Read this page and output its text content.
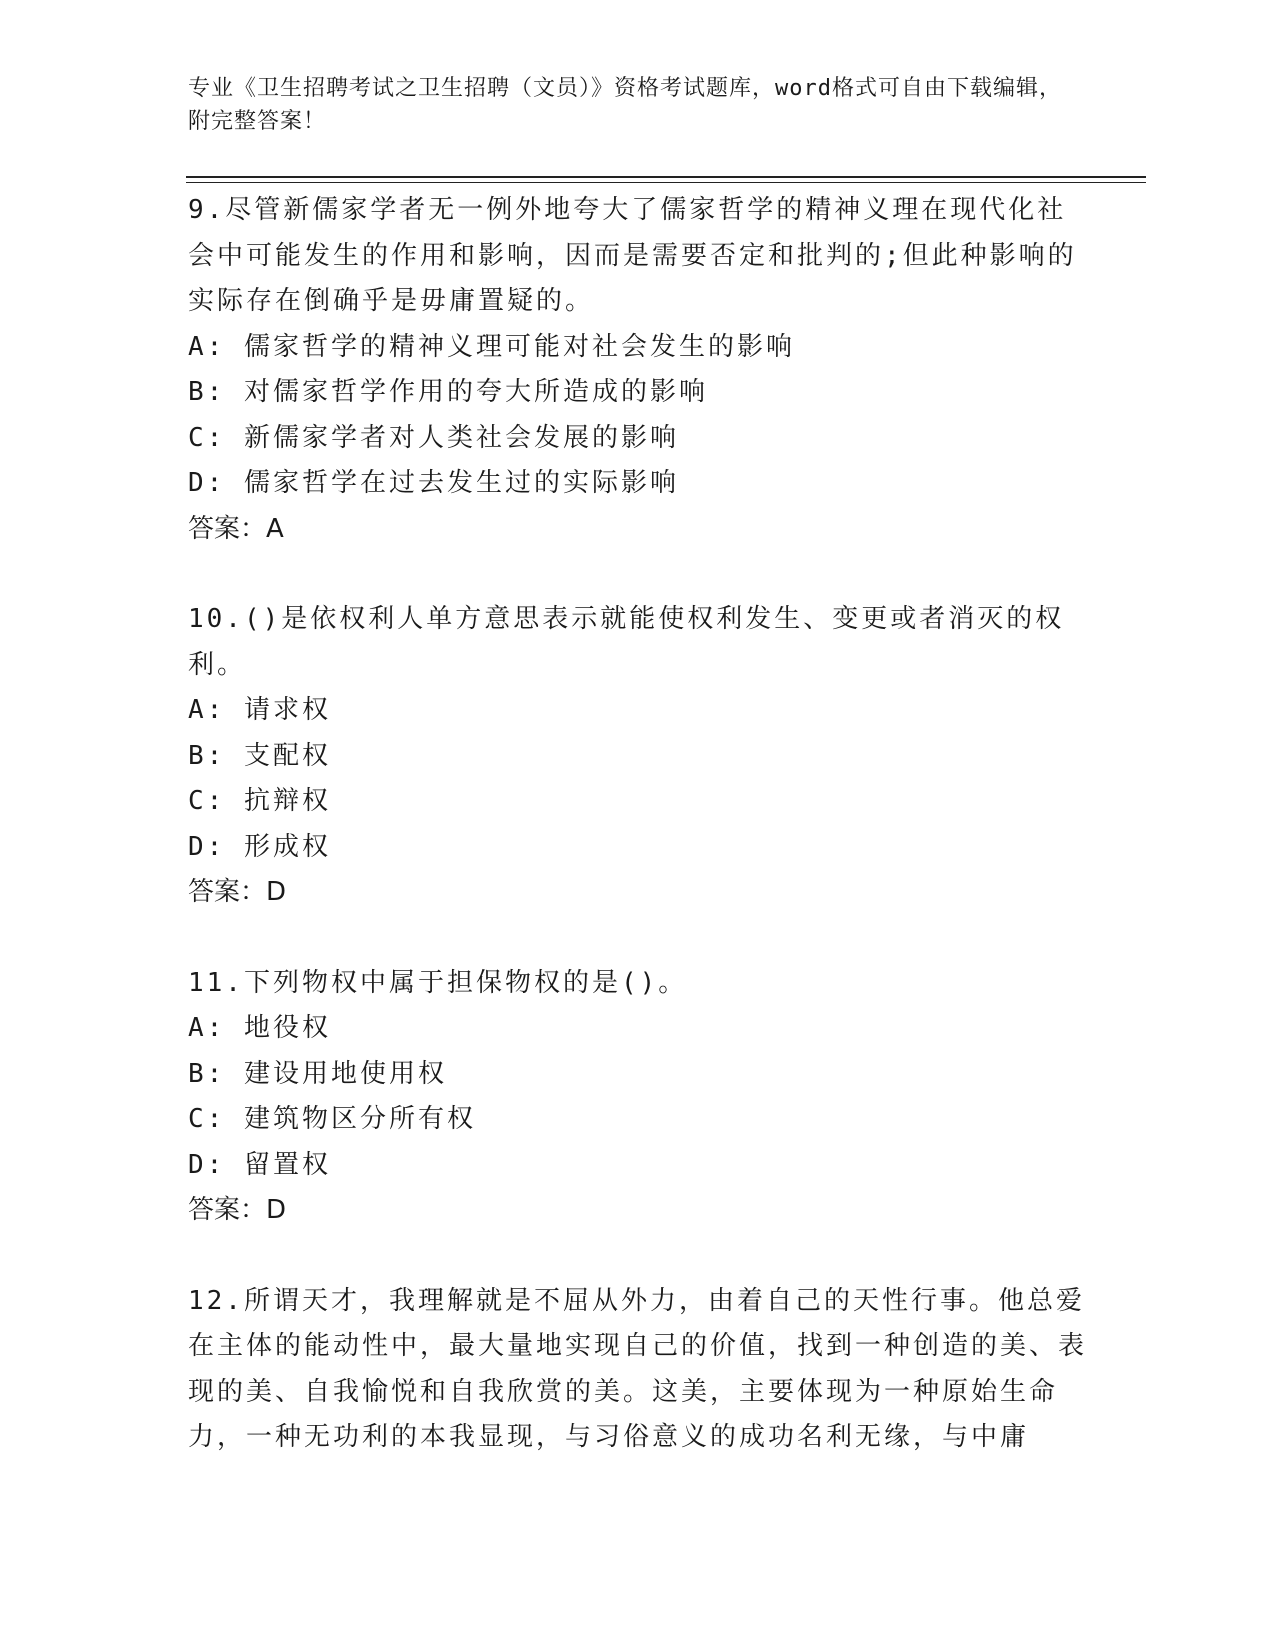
专业《卫生招聘考试之卫生招聘（文员）》资格考试题库，word格式可自由下载编辑，附完整答案！
9.尽管新儒家学者无一例外地夸大了儒家哲学的精神义理在现代化社会中可能发生的作用和影响，因而是需要否定和批判的;但此种影响的实际存在倒确乎是毋庸置疑的。
A: 儒家哲学的精神义理可能对社会发生的影响
B: 对儒家哲学作用的夸大所造成的影响
C: 新儒家学者对人类社会发展的影响
D: 儒家哲学在过去发生过的实际影响
答案：A
10.()是依权利人单方意思表示就能使权利发生、变更或者消灭的权利。
A: 请求权
B: 支配权
C: 抗辩权
D: 形成权
答案：D
11.下列物权中属于担保物权的是()。
A: 地役权
B: 建设用地使用权
C: 建筑物区分所有权
D: 留置权
答案：D
12.所谓天才，我理解就是不屈从外力，由着自己的天性行事。他总爱在主体的能动性中，最大量地实现自己的价值，找到一种创造的美、表现的美、自我愉悦和自我欣赏的美。这美，主要体现为一种原始生命力，一种无功利的本我显现，与习俗意义的成功名利无缘，与中庸
